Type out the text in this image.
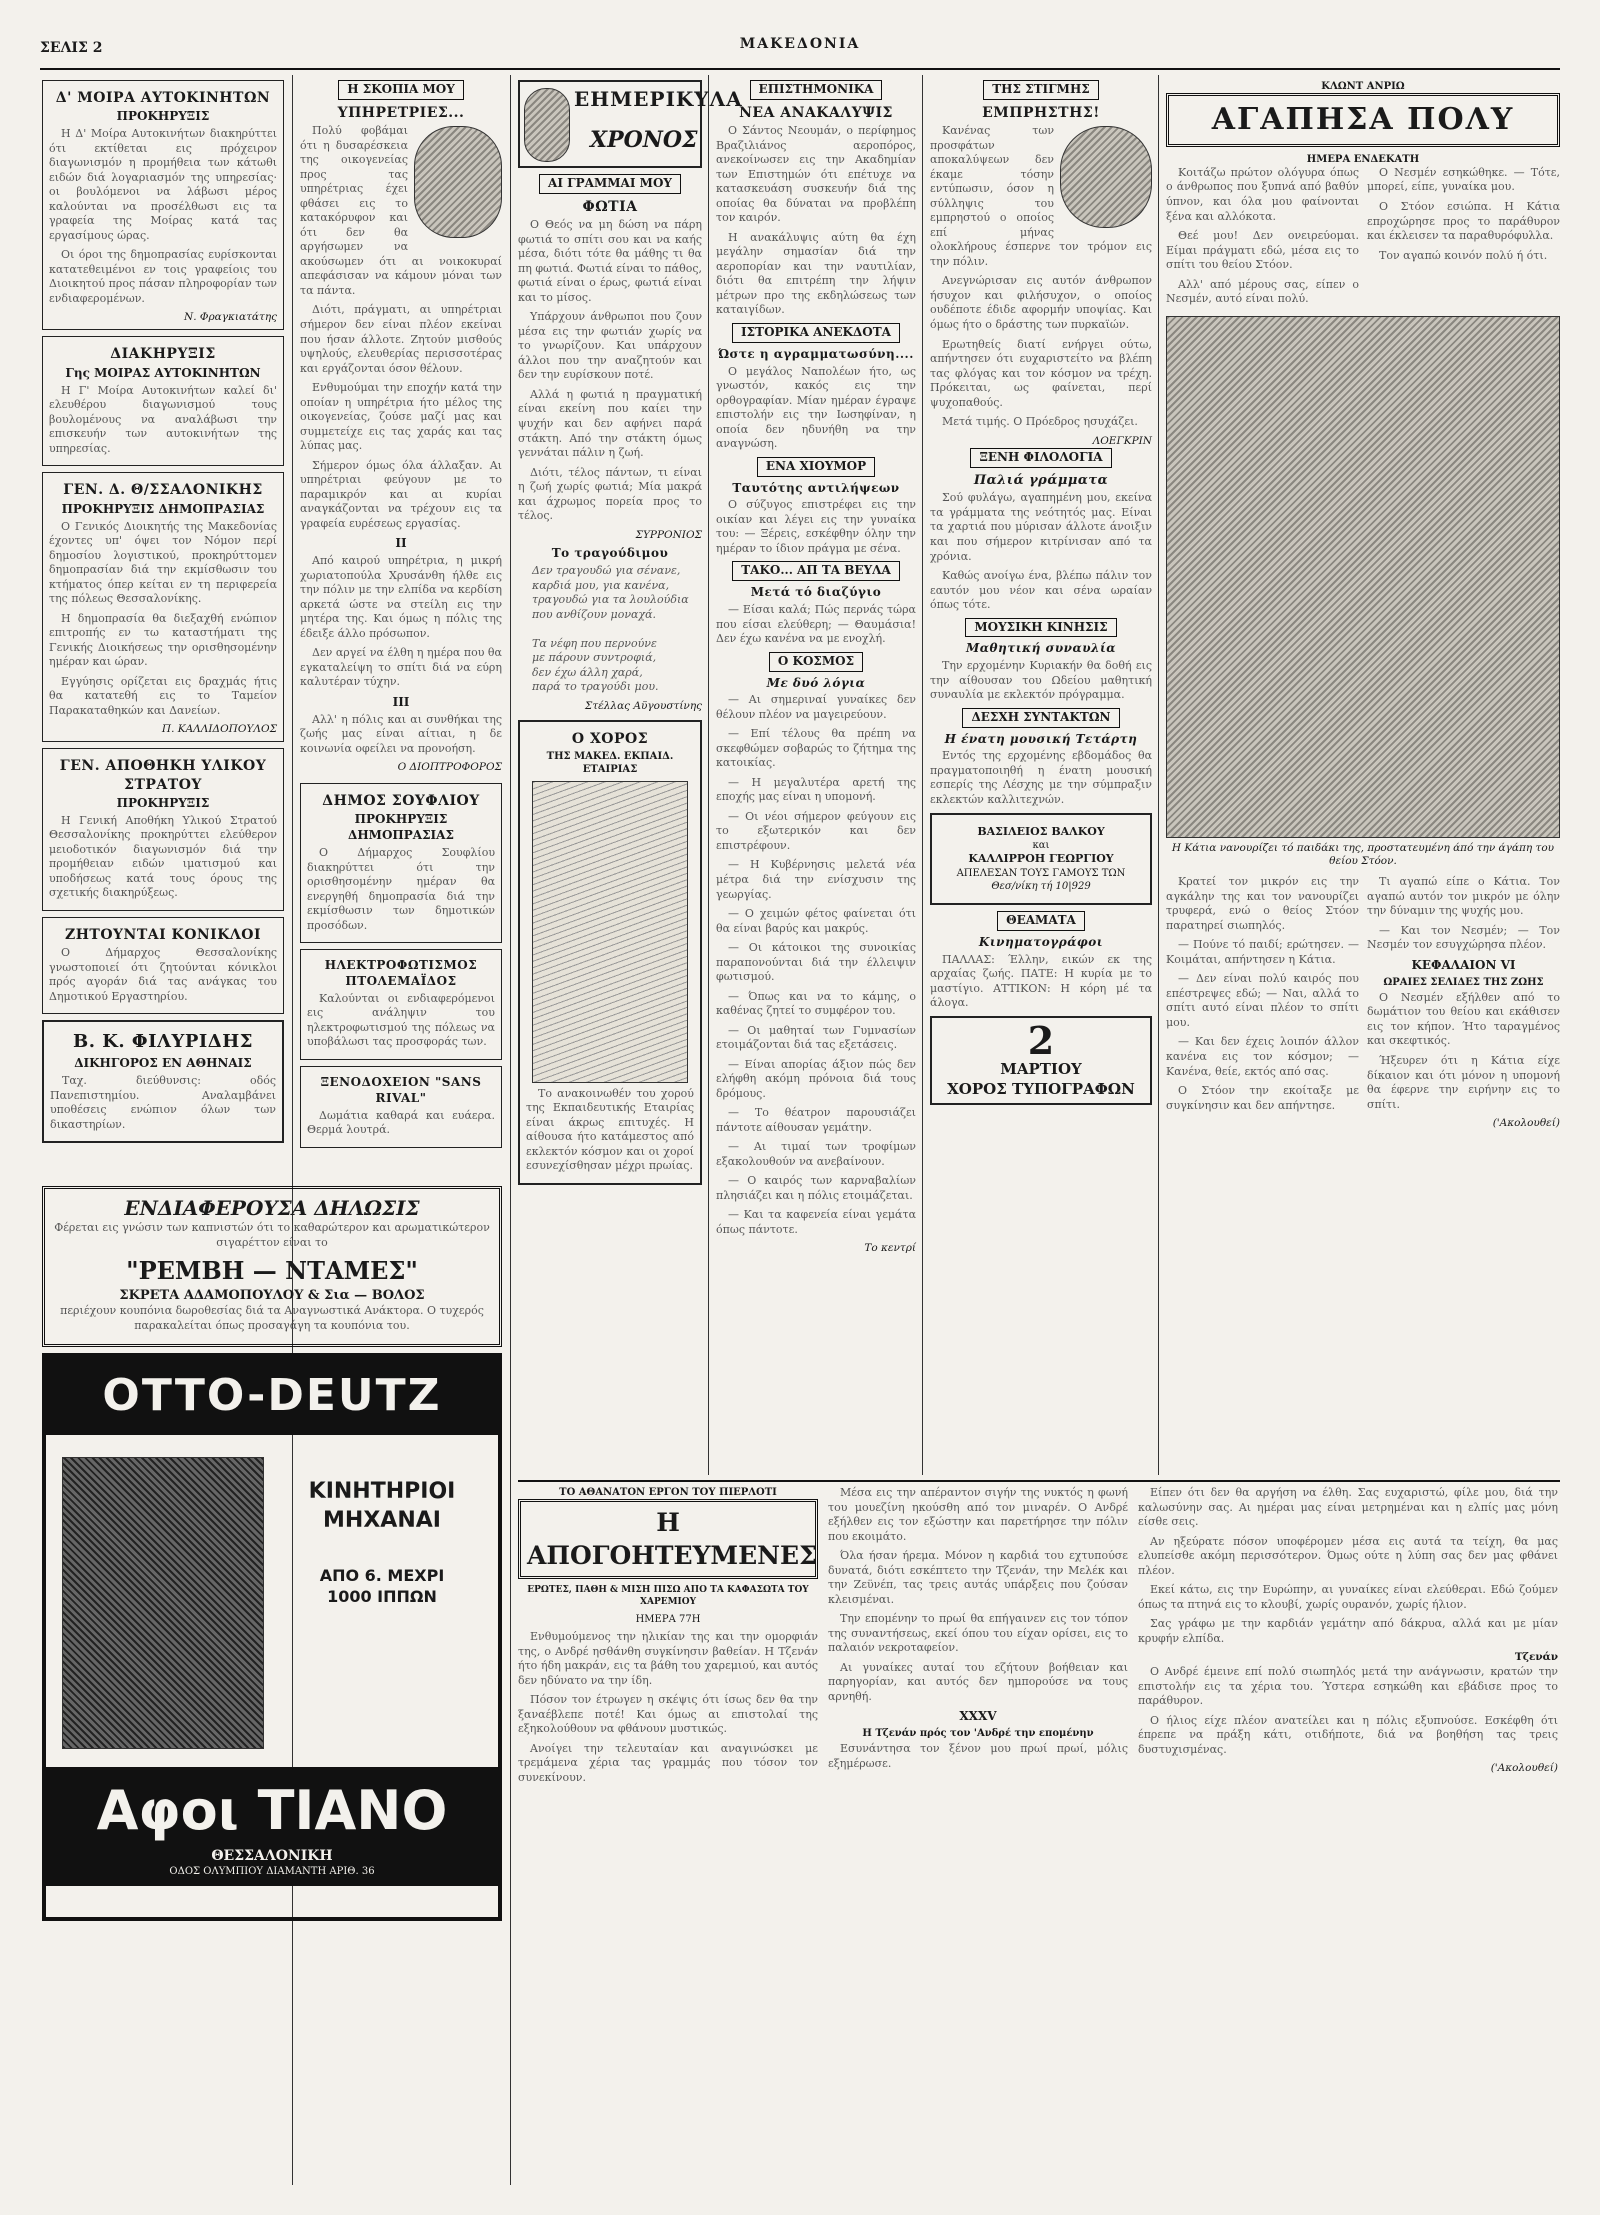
ΣΕΛΙΣ 2	ΜΑΚΕΔΟΝΙΑ
Δ' ΜΟΙΡΑ ΑΥΤΟΚΙΝΗΤΩΝ
ΠΡΟΚΗΡΥΞΙΣ

Η Δ' Μοίρα Αυτοκινήτων διακηρύττει ότι εκτίθεται εις πρόχειρον διαγωνισμόν η προμήθεια των κάτωθι ειδών διά λογαριασμόν της υπηρεσίας· οι βουλόμενοι να λάβωσι μέρος καλούνται να προσέλθωσι εις τα γραφεία της Μοίρας κατά τας εργασίμους ώρας.

Οι όροι της δημοπρασίας ευρίσκονται κατατεθειμένοι εν τοις γραφείοις του Διοικητού προς πάσαν πληροφορίαν των ενδιαφερομένων.

Ν. Φραγκιατάτης
ΔΙΑΚΗΡΥΞΙΣ
Γης ΜΟΙΡΑΣ ΑΥΤΟΚΙΝΗΤΩΝ

Η Γ' Μοίρα Αυτοκινήτων καλεί δι' ελευθέρου διαγωνισμού τους βουλομένους να αναλάβωσι την επισκευήν των αυτοκινήτων της υπηρεσίας.

ΓΕΝ. Δ. Θ/ΣΣΑΛΟΝΙΚΗΣ
ΠΡΟΚΗΡΥΞΙΣ ΔΗΜΟΠΡΑΣΙΑΣ

Ο Γενικός Διοικητής της Μακεδονίας έχοντες υπ' όψει τον Νόμον περί δημοσίου λογιστικού, προκηρύττομεν δημοπρασίαν διά την εκμίσθωσιν του κτήματος όπερ κείται εν τη περιφερεία της πόλεως Θεσσαλονίκης.

Η δημοπρασία θα διεξαχθή ενώπιον επιτροπής εν τω καταστήματι της Γενικής Διοικήσεως την ορισθησομένην ημέραν και ώραν.

Εγγύησις ορίζεται εις δραχμάς ήτις θα κατατεθή εις το Ταμείον Παρακαταθηκών και Δανείων.

Π. ΚΑΛΛΙΔΟΠΟΥΛΟΣ
ΓΕΝ. ΑΠΟΘΗΚΗ ΥΛΙΚΟΥ ΣΤΡΑΤΟΥ
ΠΡΟΚΗΡΥΞΙΣ

Η Γενική Αποθήκη Υλικού Στρατού Θεσσαλονίκης προκηρύττει ελεύθερον μειοδοτικόν διαγωνισμόν διά την προμήθειαν ειδών ιματισμού και υποδήσεως κατά τους όρους της σχετικής διακηρύξεως.

ΖΗΤΟΥΝΤΑΙ ΚΟΝΙΚΛΟΙ

Ο Δήμαρχος Θεσσαλονίκης γνωστοποιεί ότι ζητούνται κόνικλοι πρός αγοράν διά τας ανάγκας του Δημοτικού Εργαστηρίου.

Β. Κ. ΦΙΛΥΡΙΔΗΣ
ΔΙΚΗΓΟΡΟΣ ΕΝ ΑΘΗΝΑΙΣ

Ταχ. διεύθυνσις: οδός Πανεπιστημίου. Αναλαμβάνει υποθέσεις ενώπιον όλων των δικαστηρίων.

Η ΣΚΟΠΙΑ ΜΟΥ
ΥΠΗΡΕΤΡΙΕΣ...

Πολύ φοβάμαι ότι η δυσαρέσκεια της οικογενείας προς τας υπηρέτριας έχει φθάσει εις το κατακόρυφον και ότι δεν θα αργήσωμεν να ακούσωμεν ότι αι νοικοκυραί απεφάσισαν να κάμουν μόναι των τα πάντα.

Διότι, πράγματι, αι υπηρέτριαι σήμερον δεν είναι πλέον εκείναι που ήσαν άλλοτε. Ζητούν μισθούς υψηλούς, ελευθερίας περισσοτέρας και εργάζονται όσον θέλουν.

Ενθυμούμαι την εποχήν κατά την οποίαν η υπηρέτρια ήτο μέλος της οικογενείας, ζούσε μαζί μας και συμμετείχε εις τας χαράς και τας λύπας μας.

Σήμερον όμως όλα άλλαξαν. Αι υπηρέτριαι φεύγουν με το παραμικρόν και αι κυρίαι αναγκάζονται να τρέχουν εις τα γραφεία ευρέσεως εργασίας.

ΙΙ

Από καιρού υπηρέτρια, η μικρή χωριατοπούλα Χρυσάνθη ήλθε εις την πόλιν με την ελπίδα να κερδίση αρκετά ώστε να στείλη εις την μητέρα της. Και όμως η πόλις της έδειξε άλλο πρόσωπον.

Δεν αργεί να έλθη η ημέρα που θα εγκαταλείψη το σπίτι διά να εύρη καλυτέραν τύχην.

ΙΙΙ

Αλλ' η πόλις και αι συνθήκαι της ζωής μας είναι αίτιαι, η δε κοινωνία οφείλει να προνοήση.

Ο ΔΙΟΠΤΡΟΦΟΡΟΣ
ΔΗΜΟΣ ΣΟΥΦΛΙΟΥ
ΠΡΟΚΗΡΥΞΙΣ ΔΗΜΟΠΡΑΣΙΑΣ

Ο Δήμαρχος Σουφλίου διακηρύττει ότι την ορισθησομένην ημέραν θα ενεργηθή δημοπρασία διά την εκμίσθωσιν των δημοτικών προσόδων.

ΗΛΕΚΤΡΟΦΩΤΙΣΜΟΣ ΠΤΟΛΕΜΑΪΔΟΣ

Καλούνται οι ενδιαφερόμενοι εις ανάληψιν του ηλεκτροφωτισμού της πόλεως να υποβάλωσι τας προσφοράς των.

ΞΕΝΟΔΟΧΕΙΟΝ "SANS RIVAL"

Δωμάτια καθαρά και ευάερα. Θερμά λουτρά.

ΕΗΜΕΡΙΚΥΛΑ
ΧΡΟΝΟΣ
ΑΙ ΓΡΑΜΜΑΙ ΜΟΥ
ΦΩΤΙΑ

Ο Θεός να μη δώση να πάρη φωτιά το σπίτι σου και να καής μέσα, διότι τότε θα μάθης τι θα πη φωτιά. Φωτιά είναι το πάθος, φωτιά είναι ο έρως, φωτιά είναι και το μίσος.

Υπάρχουν άνθρωποι που ζουν μέσα εις την φωτιάν χωρίς να το γνωρίζουν. Και υπάρχουν άλλοι που την αναζητούν και δεν την ευρίσκουν ποτέ.

Αλλά η φωτιά η πραγματική είναι εκείνη που καίει την ψυχήν και δεν αφήνει παρά στάκτη. Από την στάκτη όμως γεννάται πάλιν η ζωή.

Διότι, τέλος πάντων, τι είναι η ζωή χωρίς φωτιά; Μία μακρά και άχρωμος πορεία προς το τέλος.

ΣΥΡΡΟΝΙΟΣ
Το τραγούδιμου

Δεν τραγουδώ για σένανε,
καρδιά μου, για κανένα,
τραγουδώ για τα λουλούδια
που ανθίζουν μοναχά.

Τα νέφη που περνούνε
με πάρουν συντροφιά,
δεν έχω άλλη χαρά,
παρά το τραγούδι μου.

Στέλλας Αϋγουστίνης
Ο ΧΟΡΟΣ
ΤΗΣ ΜΑΚΕΔ. ΕΚΠΑΙΔ. ΕΤΑΙΡΙΑΣ

Το ανακοινωθέν του χορού της Εκπαιδευτικής Εταιρίας είναι άκρως επιτυχές. Η αίθουσα ήτο κατάμεστος από εκλεκτόν κόσμον και οι χοροί εσυνεχίσθησαν μέχρι πρωίας.

ΕΠΙΣΤΗΜΟΝΙΚΑ
ΝΕΑ ΑΝΑΚΑΛΥΨΙΣ

Ο Σάντος Νεουμάν, ο περίφημος Βραζιλιάνος αεροπόρος, ανεκοίνωσεν εις την Ακαδημίαν των Επιστημών ότι επέτυχε να κατασκευάση συσκευήν διά της οποίας θα δύναται να προβλέπη τον καιρόν.

Η ανακάλυψις αύτη θα έχη μεγάλην σημασίαν διά την αεροπορίαν και την ναυτιλίαν, διότι θα επιτρέπη την λήψιν μέτρων προ της εκδηλώσεως των καταιγίδων.

ΙΣΤΟΡΙΚΑ ΑΝΕΚΔΟΤΑ
Ώστε η αγραμματωσύνη....

Ο μεγάλος Ναπολέων ήτο, ως γνωστόν, κακός εις την ορθογραφίαν. Μίαν ημέραν έγραψε επιστολήν εις την Ιωσηφίναν, η οποία δεν ηδυνήθη να την αναγνώση.

ΕΝΑ ΧΙΟΥΜΟΡ
Ταυτότης αντιλήψεων

Ο σύζυγος επιστρέφει εις την οικίαν και λέγει εις την γυναίκα του: — Ξέρεις, εσκέφθην όλην την ημέραν το ίδιον πράγμα με σένα.

ΤΑΚΟ... ΑΠ ΤΑ ΒΕΥΛΑ
Μετά τό διαζύγιο

— Είσαι καλά; Πώς περνάς τώρα που είσαι ελεύθερη; — Θαυμάσια! Δεν έχω κανένα να με ενοχλή.

Ο ΚΟΣΜΟΣ
Με δυό λόγια

— Αι σημεριναί γυναίκες δεν θέλουν πλέον να μαγειρεύουν.

— Επί τέλους θα πρέπη να σκεφθώμεν σοβαρώς το ζήτημα της κατοικίας.

— Η μεγαλυτέρα αρετή της εποχής μας είναι η υπομονή.

— Οι νέοι σήμερον φεύγουν εις το εξωτερικόν και δεν επιστρέφουν.

— Η Κυβέρνησις μελετά νέα μέτρα διά την ενίσχυσιν της γεωργίας.

— Ο χειμών φέτος φαίνεται ότι θα είναι βαρύς και μακρύς.

— Οι κάτοικοι της συνοικίας παραπονούνται διά την έλλειψιν φωτισμού.

— Όπως και να το κάμης, ο καθένας ζητεί το συμφέρον του.

— Οι μαθηταί των Γυμνασίων ετοιμάζονται διά τας εξετάσεις.

— Είναι απορίας άξιον πώς δεν ελήφθη ακόμη πρόνοια διά τους δρόμους.

— Το θέατρον παρουσιάζει πάντοτε αίθουσαν γεμάτην.

— Αι τιμαί των τροφίμων εξακολουθούν να ανεβαίνουν.

— Ο καιρός των καρναβαλίων πλησιάζει και η πόλις ετοιμάζεται.

— Και τα καφενεία είναι γεμάτα όπως πάντοτε.

Το κεντρί
ΤΗΣ ΣΤΙΓΜΗΣ
ΕΜΠΡΗΣΤΗΣ!

Κανένας των προσφάτων αποκαλύψεων δεν έκαμε τόσην εντύπωσιν, όσον η σύλληψις του εμπρηστού ο οποίος επί μήνας ολοκλήρους έσπερνε τον τρόμον εις την πόλιν.

Ανεγνώρισαν εις αυτόν άνθρωπον ήσυχον και φιλήσυχον, ο οποίος ουδέποτε έδιδε αφορμήν υποψίας. Και όμως ήτο ο δράστης των πυρκαϊών.

Ερωτηθείς διατί ενήργει ούτω, απήντησεν ότι ευχαριστείτο να βλέπη τας φλόγας και τον κόσμον να τρέχη. Πρόκειται, ως φαίνεται, περί ψυχοπαθούς.

Μετά τιμής. Ο Πρόεδρος ησυχάζει.

ΛΟΕΓΚΡΙΝ
ΞΕΝΗ ΦΙΛΟΛΟΓΙΑ
Παλιά γράμματα

Σού φυλάγω, αγαπημένη μου, εκείνα τα γράμματα της νεότητός μας. Είναι τα χαρτιά που μύρισαν άλλοτε άνοιξιν και που σήμερον κιτρίνισαν από τα χρόνια.

Καθώς ανοίγω ένα, βλέπω πάλιν τον εαυτόν μου νέον και σένα ωραίαν όπως τότε.

ΜΟΥΣΙΚΗ ΚΙΝΗΣΙΣ
Μαθητική συναυλία

Την ερχομένην Κυριακήν θα δοθή εις την αίθουσαν του Ωδείου μαθητική συναυλία με εκλεκτόν πρόγραμμα.

ΔΕΣΧΗ ΣΥΝΤΑΚΤΩΝ
Η ένατη μουσική Τετάρτη

Εντός της ερχομένης εβδομάδος θα πραγματοποιηθή η ένατη μουσική εσπερίς της Λέσχης με την σύμπραξιν εκλεκτών καλλιτεχνών.

ΒΑΣΙΛΕΙΟΣ ΒΑΛΚΟΥ
και
ΚΑΛΛΙΡΡΟΗ ΓΕΩΡΓΙΟΥ
ΑΠΕΛΕΣΑΝ ΤΟΥΣ ΓΑΜΟΥΣ ΤΩΝ
Θεσ/νίκη τή 10|929
ΘΕΑΜΑΤΑ
Κινηματογράφοι

ΠΑΛΛΑΣ: Έλλην, εικών εκ της αρχαίας ζωής. ΠΑΤΕ: Η κυρία με το μαστίγιο. ΑΤΤΙΚΟΝ: Η κόρη μέ τα άλογα.

2
ΜΑΡΤΙΟΥ
ΧΟΡΟΣ ΤΥΠΟΓΡΑΦΩΝ
ΚΛΩΝΤ ΑΝΡΙΩ
ΑΓΑΠΗΣΑ ΠΟΛΥ
ΗΜΕΡΑ ΕΝΔΕΚΑΤΗ

Κοιτάζω πρώτον ολόγυρα όπως ο άνθρωπος που ξυπνά από βαθύν ύπνον, και όλα μου φαίνονται ξένα και αλλόκοτα.

Θεέ μου! Δεν ονειρεύομαι. Είμαι πράγματι εδώ, μέσα εις το σπίτι του θείου Στόον.

Αλλ' από μέρους σας, είπεν ο Νεσμέν, αυτό είναι πολύ.

Ο Νεσμέν εσηκώθηκε. — Τότε, μπορεί, είπε, γυναίκα μου.

Ο Στόον εσιώπα. Η Κάτια επροχώρησε προς το παράθυρον και έκλεισεν τα παραθυρόφυλλα.

Τον αγαπώ κοινόν πολύ ή ότι.

Η Κάτια νανουρίζει τό παιδάκι της, προστατευμένη άπό την άγάπη του θείου Στόον.

Κρατεί τον μικρόν εις την αγκάλην της και τον νανουρίζει τρυφερά, ενώ ο θείος Στόον παρατηρεί σιωπηλός.

— Πούνε τό παιδί; ερώτησεν. — Κοιμάται, απήντησεν η Κάτια.

— Δεν είναι πολύ καιρός που επέστρεψες εδώ; — Ναι, αλλά το σπίτι αυτό είναι πλέον το σπίτι μου.

— Και δεν έχεις λοιπόν άλλον κανένα εις τον κόσμον; — Κανένα, θείε, εκτός από σας.

Ο Στόον την εκοίταξε με συγκίνησιν και δεν απήντησε.

Τι αγαπώ είπε ο Κάτια. Τον αγαπώ αυτόν τον μικρόν με όλην την δύναμιν της ψυχής μου.

— Και τον Νεσμέν; — Τον Νεσμέν τον εσυγχώρησα πλέον.

ΚΕΦΑΛΑΙΟΝ VI
ΩΡΑΙΕΣ ΣΕΛΙΔΕΣ ΤΗΣ ΖΩΗΣ

Ο Νεσμέν εξήλθεν από το δωμάτιον του θείου και εκάθισεν εις τον κήπον. Ήτο ταραγμένος και σκεφτικός.

Ήξευρεν ότι η Κάτια είχε δίκαιον και ότι μόνον η υπομονή θα έφερνε την ειρήνην εις το σπίτι.

('Ακολουθεί)
ΤΟ ΑΘΑΝΑΤΟΝ ΕΡΓΟΝ ΤΟΥ ΠΙΕΡΛΟΤΙ
Η ΑΠΟΓΟΗΤΕΥΜΕΝΕΣ
ΕΡΩΤΕΣ, ΠΑΘΗ & ΜΙΣΗ ΠΙΣΩ ΑΠΟ ΤΑ ΚΑΦΑΣΩΤΑ ΤΟΥ ΧΑΡΕΜΙΟΥ
ΗΜΕΡΑ 77Η

Ενθυμούμενος την ηλικίαν της και την ομορφιάν της, ο Ανδρέ ησθάνθη συγκίνησιν βαθείαν. Η Τζενάν ήτο ήδη μακράν, εις τα βάθη του χαρεμιού, και αυτός δεν ηδύνατο να την ίδη.

Πόσον τον έτρωγεν η σκέψις ότι ίσως δεν θα την ξαναέβλεπε ποτέ! Και όμως αι επιστολαί της εξηκολούθουν να φθάνουν μυστικώς.

Ανοίγει την τελευταίαν και αναγινώσκει με τρεμάμενα χέρια τας γραμμάς που τόσον τον συνεκίνουν.

Μέσα εις την απέραντον σιγήν της νυκτός η φωνή του μουεζίνη ηκούσθη από τον μιναρέν. Ο Ανδρέ εξήλθεν εις τον εξώστην και παρετήρησε την πόλιν που εκοιμάτο.

Όλα ήσαν ήρεμα. Μόνον η καρδιά του εχτυπούσε δυνατά, διότι εσκέπτετο την Τζενάν, την Μελέκ και την Ζεϋνέπ, τας τρεις αυτάς υπάρξεις που ζούσαν κλεισμέναι.

Την επομένην το πρωί θα επήγαινεν εις τον τόπον της συναντήσεως, εκεί όπου του είχαν ορίσει, εις το παλαιόν νεκροταφείον.

Αι γυναίκες αυταί του εζήτουν βοήθειαν και παρηγορίαν, και αυτός δεν ημπορούσε να τους αρνηθή.

XXXV
Η Τζενάν πρός τον 'Ανδρέ την επομένην

Εσυνάντησα τον ξένον μου πρωί πρωί, μόλις εξημέρωσε.

Είπεν ότι δεν θα αργήση να έλθη. Σας ευχαριστώ, φίλε μου, διά την καλωσύνην σας. Αι ημέραι μας είναι μετρημέναι και η ελπίς μας μόνη είσθε σεις.

Αν ηξεύρατε πόσον υποφέρομεν μέσα εις αυτά τα τείχη, θα μας ελυπείσθε ακόμη περισσότερον. Όμως ούτε η λύπη σας δεν μας φθάνει πλέον.

Εκεί κάτω, εις την Ευρώπην, αι γυναίκες είναι ελεύθεραι. Εδώ ζούμεν όπως τα πτηνά εις το κλουβί, χωρίς ουρανόν, χωρίς ήλιον.

Σας γράφω με την καρδιάν γεμάτην από δάκρυα, αλλά και με μίαν κρυφήν ελπίδα.

Τζενάν

Ο Ανδρέ έμεινε επί πολύ σιωπηλός μετά την ανάγνωσιν, κρατών την επιστολήν εις τα χέρια του. Ύστερα εσηκώθη και εβάδισε προς το παράθυρον.

Ο ήλιος είχε πλέον ανατείλει και η πόλις εξυπνούσε. Εσκέφθη ότι έπρεπε να πράξη κάτι, οτιδήποτε, διά να βοηθήση τας τρεις δυστυχισμένας.

('Ακολουθεί)
ΕΝΔΙΑΦΕΡΟΥΣΑ ΔΗΛΩΣΙΣ

Φέρεται εις γνώσιν των καπνιστών ότι το καθαρώτερον και αρωματικώτερον σιγαρέττον είναι το

"ΡΕΜΒΗ — ΝΤΑΜΕΣ"
ΣΚΡΕΤΑ ΑΔΑΜΟΠΟΥΛΟΥ & Σια — ΒΟΛΟΣ

περιέχουν κουπόνια δωροθεσίας διά τα Αναγνωστικά Ανάκτορα. Ο τυχερός παρακαλείται όπως προσαγάγη τα κουπόνια του.

OTTO-DEUTZ
ΚΙΝΗΤΗΡΙΟΙ
ΜΗΧΑΝΑΙ
ΑΠΟ 6. ΜΕΧΡΙ
1000 ΙΠΠΩΝ
Αφοι ΤΙΑΝΟ
ΘΕΣΣΑΛΟΝΙΚΗ
ΟΔΟΣ ΟΛΥΜΠΙΟΥ ΔΙΑΜΑΝΤΗ ΑΡΙΘ. 36
